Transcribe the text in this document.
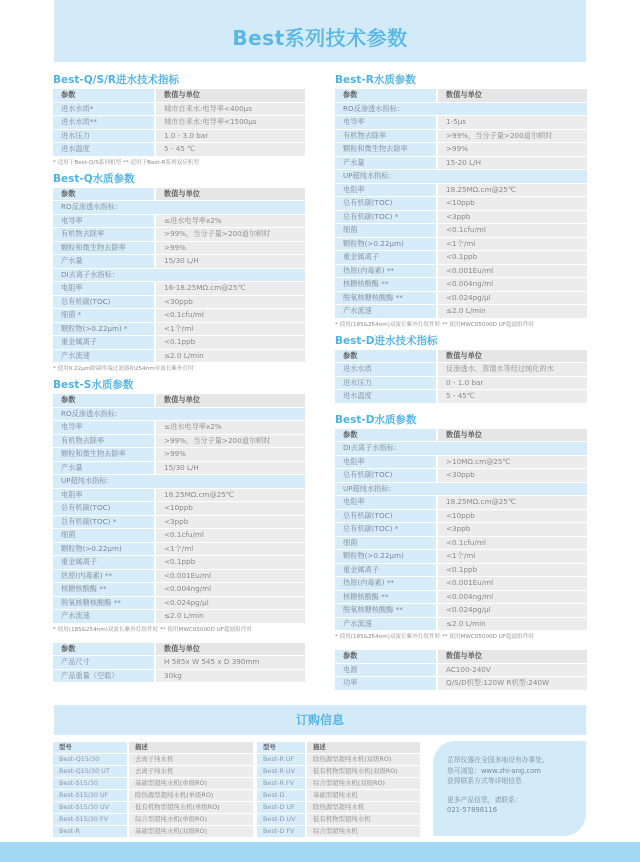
Best系列技术参数
Best-Q/S/R进水技术指标
参数	数值与单位
进水水质*	城市自来水:电导率<400μs
进水水质**	城市自来水:电导率<1500μs
进水压力	1.0 - 3.0 bar
进水温度	5 - 45 ℃
* 适用于Best-Q/S系列机型 ** 适用于Best-R系列双反机型
Best-Q水质参数
参数	数值与单位
RO反渗透水指标：	
电导率	≤进水电导率x2%
有机物去除率	>99%，当分子量>200道尔顿时
颗粒和微生物去除率	>99%
产水量	15/30 L/H
DI去离子水指标：	
电阻率	16-18.25MΩ.cm@25℃
总有机碳(TOC)	<30ppb
细菌 *	<0.1cfu/ml
颗粒物(>0.22μm) *	<1个/ml
重金属离子	<0.1ppb
产水流速	≤2.0 L/min
* 使用0.22μm除菌终端过滤器和254nm单波长紫外灯时
Best-S水质参数
参数	数值与单位
RO反渗透水指标：	
电导率	≤进水电导率x2%
有机物去除率	>99%，当分子量>200道尔顿时
颗粒和微生物去除率	>99%
产水量	15/30 L/H
UP超纯水指标：	
电阻率	18.25MΩ.cm@25℃
总有机碳(TOC)	<10ppb
总有机碳(TOC) *	<3ppb
细菌	<0.1cfu/ml
颗粒物(>0.22μm)	<1个/ml
重金属离子	<0.1ppb
热原(内毒素) **	<0.001Eu/ml
核糖核酸酶 **	<0.004ng/ml
脱氧核糖核酸酶 **	<0.024pg/μl
产水流速	≤2.0 L/min
* 使用(185&254nm)双波长紫外灯组件时 ** 使用MWC05000D UF超滤组件时
参数	数值与单位
产品尺寸	H 585x W 545 x D 390mm
产品重量（空载）	30kg
Best-R水质参数
参数	数值与单位
RO反渗透水指标：	
电导率	1-5μs
有机物去除率	>99%，当分子量>200道尔顿时
颗粒和微生物去除率	>99%
产水量	15-20 L/H
UP超纯水指标：	
电阻率	18.25MΩ.cm@25℃
总有机碳(TOC)	<10ppb
总有机碳(TOC) *	<3ppb
细菌	<0.1cfu/ml
颗粒物(>0.22μm)	<1个/ml
重金属离子	<0.1ppb
热原(内毒素) **	<0.001Eu/ml
核糖核酸酶 **	<0.004ng/ml
脱氧核糖核酸酶 **	<0.024pg/μl
产水流速	≤2.0 L/min
* 使用(185&254nm)双波长紫外灯组件时 ** 使用MWC05000D UF超滤组件时
Best-D进水技术指标
参数	数值与单位
进水水质	反渗透水、蒸馏水等经过纯化的水
进水压力	0 - 1.0 bar
进水温度	5 - 45℃
Best-D水质参数
参数	数值与单位
DI去离子水指标：	
电阻率	>10MΩ.cm@25℃
总有机碳(TOC)	<30ppb
UP超纯水指标：	
电阻率	18.25MΩ.cm@25℃
总有机碳(TOC)	<10ppb
总有机碳(TOC) *	<3ppb
细菌	<0.1cfu/ml
颗粒物(>0.22μm)	<1个/ml
重金属离子	<0.1ppb
热原(内毒素) **	<0.001Eu/ml
核糖核酸酶 **	<0.004ng/ml
脱氧核糖核酸酶 **	<0.024pg/μl
产水流速	≤2.0 L/min
* 使用(185&254nm)双波长紫外灯组件时 ** 使用MWC05000D UF超滤组件时
参数	数值与单位
电源	AC100-240V
功率	Q/S/D机型:120W R机型:240W
订购信息
型号	描述
Best-Q15/30	去离子纯水机
Best-Q15/30 UT	去离子纯水机
Best-S15/30	基础型超纯水机(单级RO)
Best-S15/30 UF	除热源型超纯水机(单级RO)
Best-S15/30 UV	低有机物型超纯水机(单级RO)
Best-S15/30 FV	综合型超纯水机(单级RO)
Best-R	基础型超纯水机(双级RO)
型号	描述
Best-R UF	除热源型超纯水机(双级RO)
Best-R UV	低有机物型超纯水机(双级RO)
Best-R FV	综合型超纯水机(双级RO)
Best-D	基础型超纯水机
Best-D UF	除热源型超纯水机
Best-D UV	低有机物型超纯水机
Best-D FV	综合型超纯水机
芷昂仪器在全国多地设有办事处,
您可浏览：www.zhi-ang.com
获得联系方式等详细信息
更多产品信息，请联系：
021-57898116
